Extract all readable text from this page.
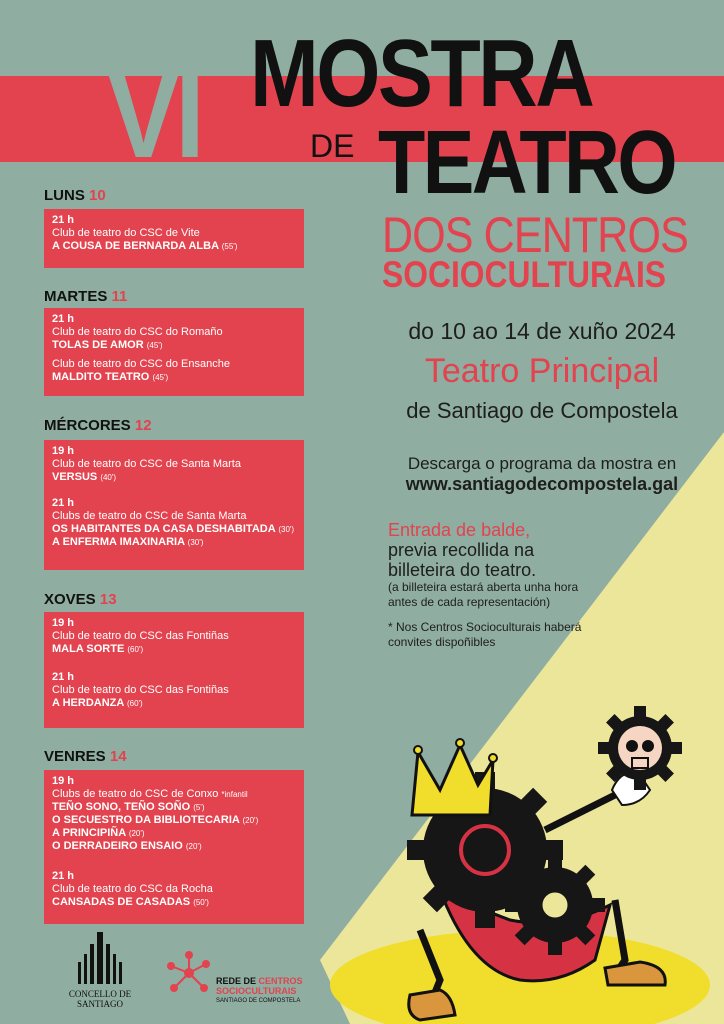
VI MOSTRA
DE TEATRO
DOS CENTROS
SOCIOCULTURAIS
do 10 ao 14 de xuño 2024
Teatro Principal
de Santiago de Compostela
Descarga o programa da mostra en
www.santiagodecompostela.gal
Entrada de balde,
previa recollida na
billeteira do teatro.
(a billeteira estará aberta unha hora
antes de cada representación)
* Nos Centros Socioculturais haberá convites dispoñibles
LUNS 10
21 h
Club de teatro do CSC de Vite
A COUSA DE BERNARDA ALBA (55')
MARTES 11
21 h
Club de teatro do CSC do Romaño
TOLAS DE AMOR (45')
Club de teatro do CSC do Ensanche
MALDITO TEATRO (45')
MÉRCORES 12
19 h
Club de teatro do CSC de Santa Marta
VERSUS (40')
21 h
Clubs de teatro do CSC de Santa Marta
OS HABITANTES DA CASA DESHABITADA (30')
A ENFERMA IMAXINARIA (30')
XOVES 13
19 h
Club de teatro do CSC das Fontiñas
MALA SORTE (60')
21 h
Club de teatro do CSC das Fontiñas
A HERDANZA (60')
VENRES 14
19 h
Clubs de teatro do CSC de Conxo *infantil
TEÑO SONO, TEÑO SOÑO (5')
O SECUESTRO DA BIBLIOTECARIA (20')
A PRINCIPIÑA (20')
O DERRADEIRO ENSAIO (20')
21 h
Club de teatro do CSC da Rocha
CANSADAS DE CASADAS (50')
CONCELLO DE
SANTIAGO
REDE DE CENTROS
SOCIOCULTURAIS
SANTIAGO DE COMPOSTELA
